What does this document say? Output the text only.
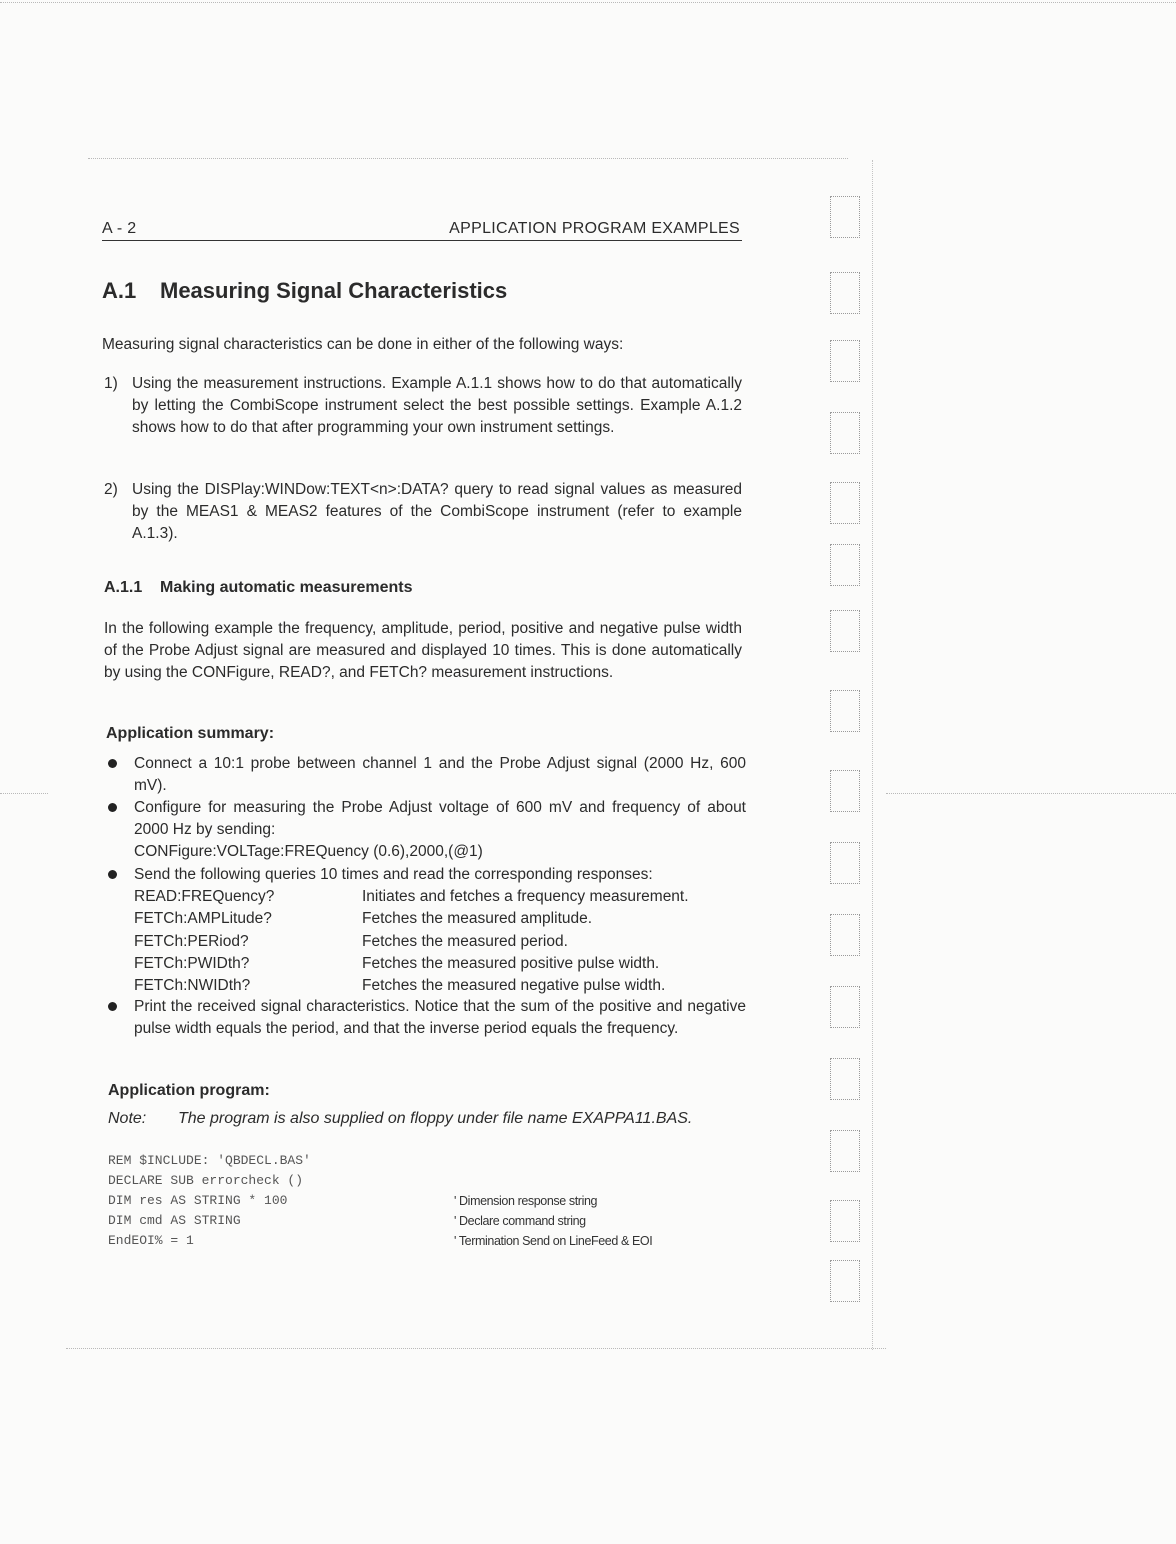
A - 2	APPLICATION PROGRAM EXAMPLES
A.1 Measuring Signal Characteristics
Measuring signal characteristics can be done in either of the following ways:
1) Using the measurement instructions. Example A.1.1 shows how to do that automatically by letting the CombiScope instrument select the best possible settings. Example A.1.2 shows how to do that after programming your own instrument settings.
2) Using the DISPlay:WINDow:TEXT<n>:DATA? query to read signal values as measured by the MEAS1 & MEAS2 features of the CombiScope instrument (refer to example A.1.3).
A.1.1 Making automatic measurements
In the following example the frequency, amplitude, period, positive and negative pulse width of the Probe Adjust signal are measured and displayed 10 times. This is done automatically by using the CONFigure, READ?, and FETCh? measurement instructions.
Application summary:
Connect a 10:1 probe between channel 1 and the Probe Adjust signal (2000 Hz, 600 mV).
Configure for measuring the Probe Adjust voltage of 600 mV and frequency of about 2000 Hz by sending:
CONFigure:VOLTage:FREQuency (0.6),2000,(@1)
Send the following queries 10 times and read the corresponding responses:
READ:FREQuency?	Initiates and fetches a frequency measurement.
FETCh:AMPLitude?	Fetches the measured amplitude.
FETCh:PERiod?	Fetches the measured period.
FETCh:PWIDth?	Fetches the measured positive pulse width.
FETCh:NWIDth?	Fetches the measured negative pulse width.
Print the received signal characteristics. Notice that the sum of the positive and negative pulse width equals the period, and that the inverse period equals the frequency.
Application program:
Note: The program is also supplied on floppy under file name EXAPPA11.BAS.
REM $INCLUDE: 'QBDECL.BAS'
DECLARE SUB errorcheck ()
DIM res AS STRING * 100	' Dimension response string
DIM cmd AS STRING	' Declare command string
EndEOI% = 1	' Termination Send on LineFeed & EOI
